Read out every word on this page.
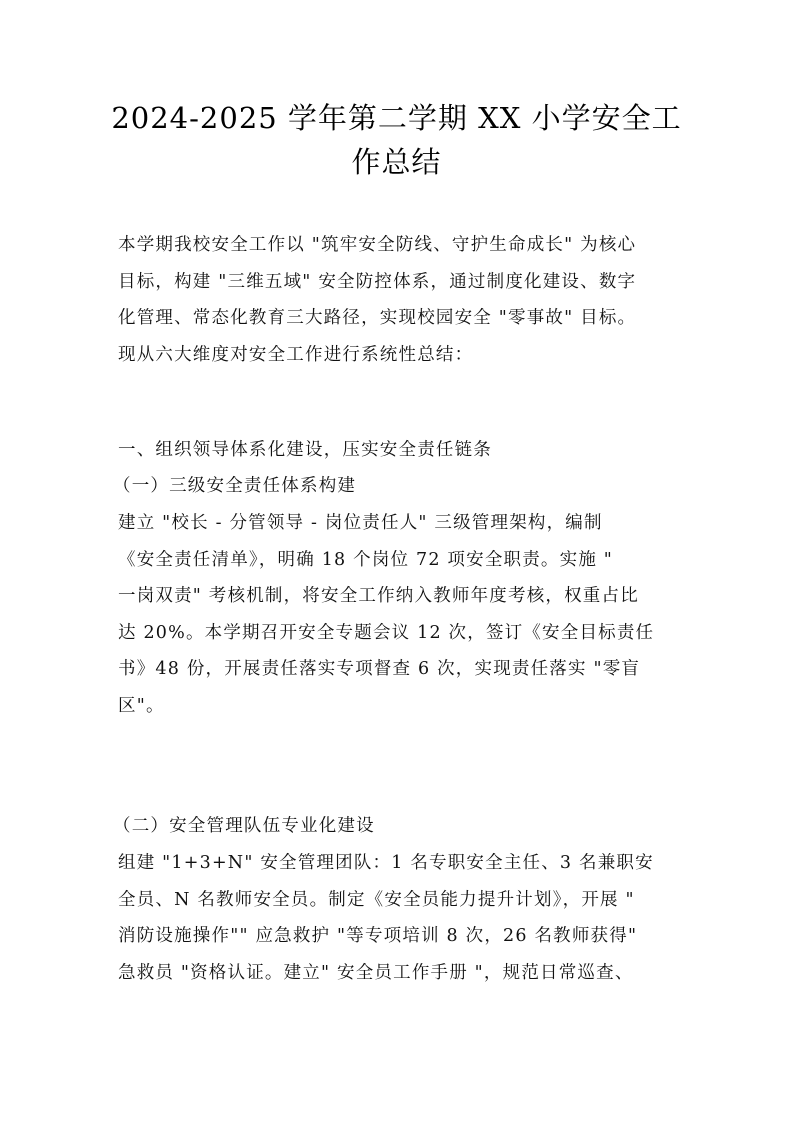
2024-2025 学年第二学期 XX 小学安全工
作总结
本学期我校安全工作以 "筑牢安全防线、守护生命成长" 为核心
目标，构建 "三维五域" 安全防控体系，通过制度化建设、数字
化管理、常态化教育三大路径，实现校园安全 "零事故" 目标。
现从六大维度对安全工作进行系统性总结：
一、组织领导体系化建设，压实安全责任链条
（一）三级安全责任体系构建
建立 "校长 - 分管领导 - 岗位责任人" 三级管理架构，编制
《安全责任清单》，明确 18 个岗位 72 项安全职责。实施 "
一岗双责" 考核机制，将安全工作纳入教师年度考核，权重占比
达 20%。本学期召开安全专题会议 12 次，签订《安全目标责任
书》48 份，开展责任落实专项督查 6 次，实现责任落实 "零盲
区"。
（二）安全管理队伍专业化建设
组建 "1+3+N" 安全管理团队：1 名专职安全主任、3 名兼职安
全员、N 名教师安全员。制定《安全员能力提升计划》，开展 "
消防设施操作"" 应急救护 "等专项培训 8 次，26 名教师获得"
急救员 "资格认证。建立" 安全员工作手册 "，规范日常巡查、
